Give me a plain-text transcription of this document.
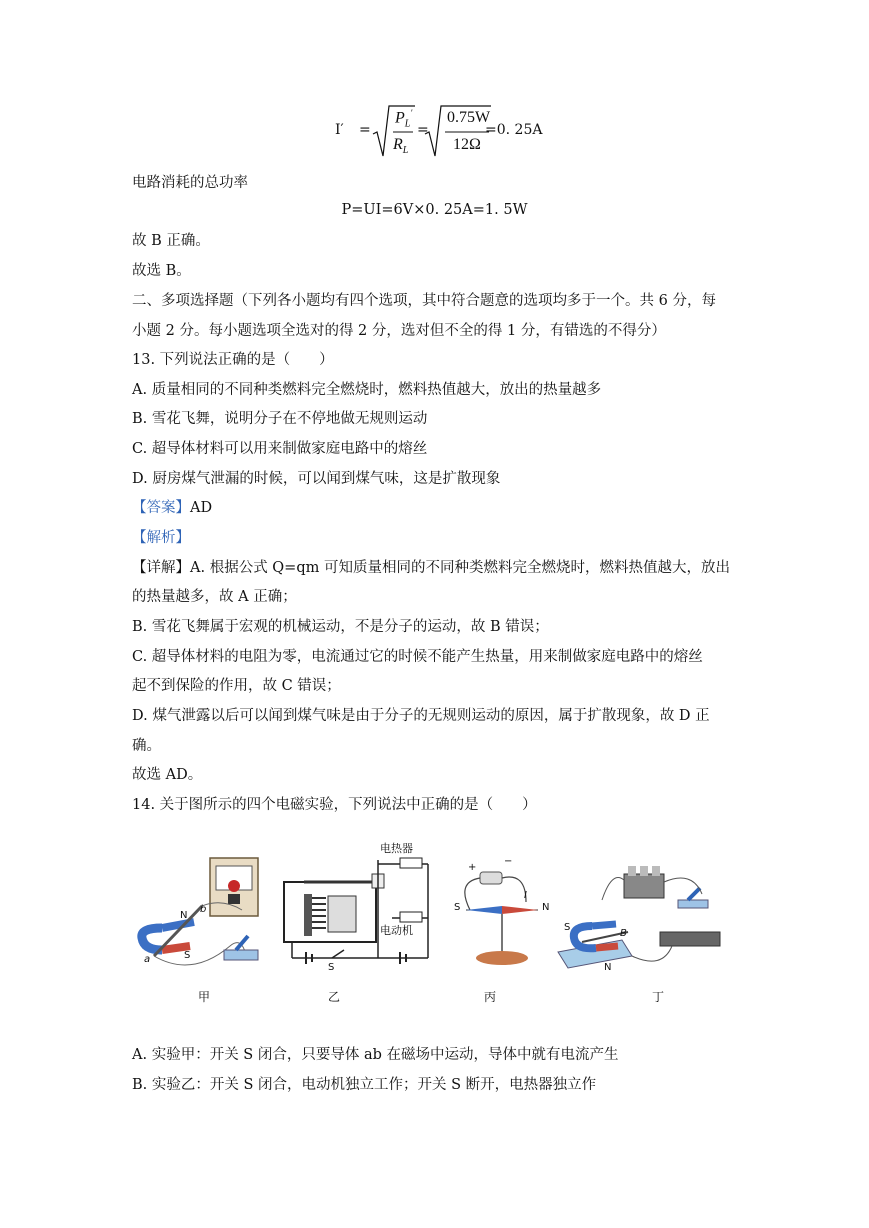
I′ =
$P_L'$
$R_L$
=
0.75W
12Ω
=0. 25A
电路消耗的总功率
P=UI=6V×0. 25A=1. 5W
故 B 正确。
故选 B。
二、多项选择题（下列各小题均有四个选项，其中符合题意的选项均多于一个。共 6 分，每
小题 2 分。每小题选项全选对的得 2 分，选对但不全的得 1 分，有错选的不得分）
13. 下列说法正确的是（　　）
A. 质量相同的不同种类燃料完全燃烧时，燃料热值越大，放出的热量越多
B. 雪花飞舞，说明分子在不停地做无规则运动
C. 超导体材料可以用来制做家庭电路中的熔丝
D. 厨房煤气泄漏的时候，可以闻到煤气味，这是扩散现象
【答案】AD
【解析】
【详解】A. 根据公式 Q=qm 可知质量相同的不同种类燃料完全燃烧时，燃料热值越大，放出
的热量越多，故 A 正确；
B. 雪花飞舞属于宏观的机械运动，不是分子的运动，故 B 错误；
C. 超导体材料的电阻为零，电流通过它的时候不能产生热量，用来制做家庭电路中的熔丝
起不到保险的作用，故 C 错误；
D. 煤气泄露以后可以闻到煤气味是由于分子的无规则运动的原因，属于扩散现象，故 D 正
确。
故选 AD。
14. 关于图所示的四个电磁实验，下列说法中正确的是（　　）
N
S
a
b
电热器
电动机
S
S	N
+
−
I
S
N
B
甲	乙	丙	丁
A. 实验甲：开关 S 闭合，只要导体 ab 在磁场中运动，导体中就有电流产生
B. 实验乙：开关 S 闭合，电动机独立工作；开关 S 断开，电热器独立作
